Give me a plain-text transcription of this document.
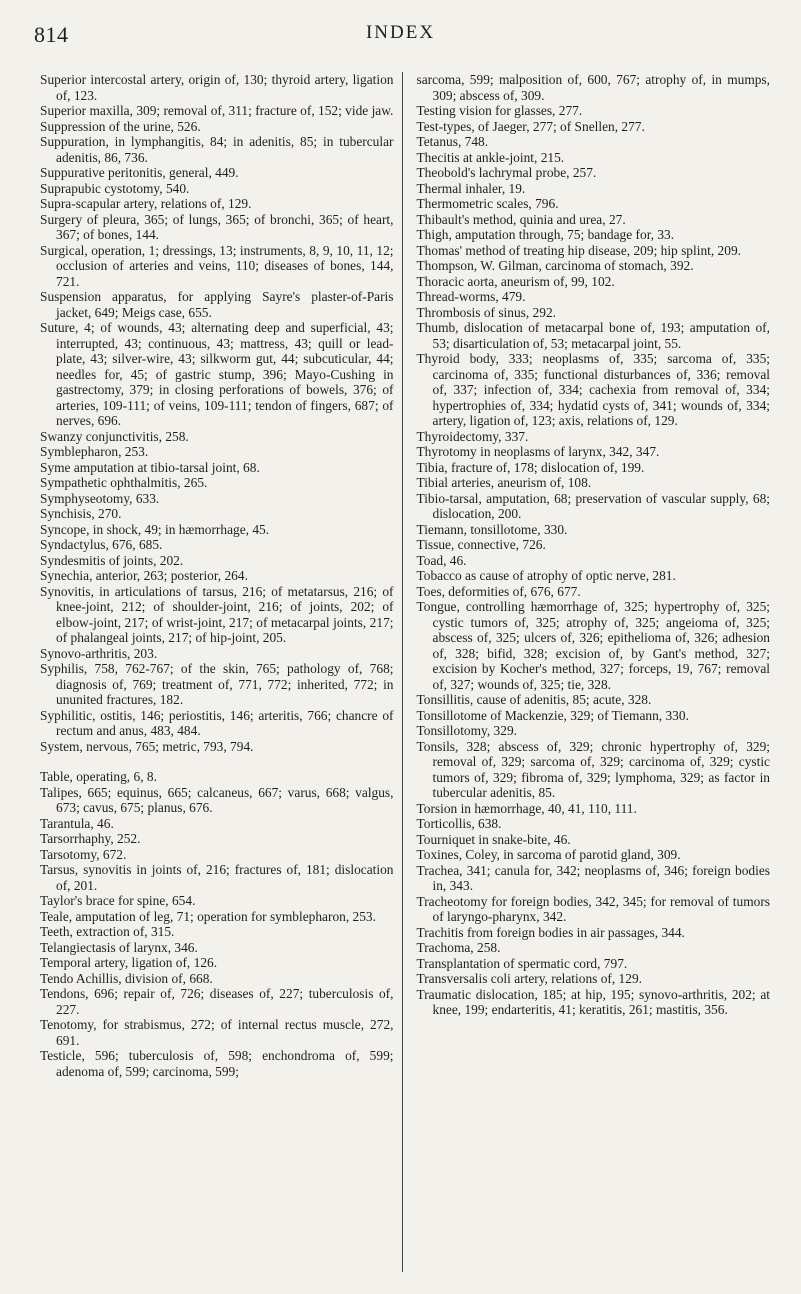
814	INDEX

Superior intercostal artery, origin of, 130; thyroid artery, ligation of, 123.

Superior maxilla, 309; removal of, 311; fracture of, 152; vide jaw.

Suppression of the urine, 526.

Suppuration, in lymphangitis, 84; in adenitis, 85; in tubercular adenitis, 86, 736.

Suppurative peritonitis, general, 449.

Suprapubic cystotomy, 540.

Supra-scapular artery, relations of, 129.

Surgery of pleura, 365; of lungs, 365; of bronchi, 365; of heart, 367; of bones, 144.

Surgical, operation, 1; dressings, 13; instruments, 8, 9, 10, 11, 12; occlusion of arteries and veins, 110; diseases of bones, 144, 721.

Suspension apparatus, for applying Sayre's plaster-of-Paris jacket, 649; Meigs case, 655.

Suture, 4; of wounds, 43; alternating deep and superficial, 43; interrupted, 43; continuous, 43; mattress, 43; quill or lead-plate, 43; silver-wire, 43; silkworm gut, 44; subcuticular, 44; needles for, 45; of gastric stump, 396; Mayo-Cushing in gastrectomy, 379; in closing perforations of bowels, 376; of arteries, 109-111; of veins, 109-111; tendon of fingers, 687; of nerves, 696.

Swanzy conjunctivitis, 258.

Symblepharon, 253.

Syme amputation at tibio-tarsal joint, 68.

Sympathetic ophthalmitis, 265.

Symphyseotomy, 633.

Synchisis, 270.

Syncope, in shock, 49; in hæmorrhage, 45.

Syndactylus, 676, 685.

Syndesmitis of joints, 202.

Synechia, anterior, 263; posterior, 264.

Synovitis, in articulations of tarsus, 216; of metatarsus, 216; of knee-joint, 212; of shoulder-joint, 216; of joints, 202; of elbow-joint, 217; of wrist-joint, 217; of metacarpal joints, 217; of phalangeal joints, 217; of hip-joint, 205.

Synovo-arthritis, 203.

Syphilis, 758, 762-767; of the skin, 765; pathology of, 768; diagnosis of, 769; treatment of, 771, 772; inherited, 772; in ununited fractures, 182.

Syphilitic, ostitis, 146; periostitis, 146; arteritis, 766; chancre of rectum and anus, 483, 484.

System, nervous, 765; metric, 793, 794.

Table, operating, 6, 8.

Talipes, 665; equinus, 665; calcaneus, 667; varus, 668; valgus, 673; cavus, 675; planus, 676.

Tarantula, 46.

Tarsorrhaphy, 252.

Tarsotomy, 672.

Tarsus, synovitis in joints of, 216; fractures of, 181; dislocation of, 201.

Taylor's brace for spine, 654.

Teale, amputation of leg, 71; operation for symblepharon, 253.

Teeth, extraction of, 315.

Telangiectasis of larynx, 346.

Temporal artery, ligation of, 126.

Tendo Achillis, division of, 668.

Tendons, 696; repair of, 726; diseases of, 227; tuberculosis of, 227.

Tenotomy, for strabismus, 272; of internal rectus muscle, 272, 691.

Testicle, 596; tuberculosis of, 598; enchondroma of, 599; adenoma of, 599; carcinoma, 599;

sarcoma, 599; malposition of, 600, 767; atrophy of, in mumps, 309; abscess of, 309.

Testing vision for glasses, 277.

Test-types, of Jaeger, 277; of Snellen, 277.

Tetanus, 748.

Thecitis at ankle-joint, 215.

Theobold's lachrymal probe, 257.

Thermal inhaler, 19.

Thermometric scales, 796.

Thibault's method, quinia and urea, 27.

Thigh, amputation through, 75; bandage for, 33.

Thomas' method of treating hip disease, 209; hip splint, 209.

Thompson, W. Gilman, carcinoma of stomach, 392.

Thoracic aorta, aneurism of, 99, 102.

Thread-worms, 479.

Thrombosis of sinus, 292.

Thumb, dislocation of metacarpal bone of, 193; amputation of, 53; disarticulation of, 53; metacarpal joint, 55.

Thyroid body, 333; neoplasms of, 335; sarcoma of, 335; carcinoma of, 335; functional disturbances of, 336; removal of, 337; infection of, 334; cachexia from removal of, 334; hypertrophies of, 334; hydatid cysts of, 341; wounds of, 334; artery, ligation of, 123; axis, relations of, 129.

Thyroidectomy, 337.

Thyrotomy in neoplasms of larynx, 342, 347.

Tibia, fracture of, 178; dislocation of, 199.

Tibial arteries, aneurism of, 108.

Tibio-tarsal, amputation, 68; preservation of vascular supply, 68; dislocation, 200.

Tiemann, tonsillotome, 330.

Tissue, connective, 726.

Toad, 46.

Tobacco as cause of atrophy of optic nerve, 281.

Toes, deformities of, 676, 677.

Tongue, controlling hæmorrhage of, 325; hypertrophy of, 325; cystic tumors of, 325; atrophy of, 325; angeioma of, 325; abscess of, 325; ulcers of, 326; epithelioma of, 326; adhesion of, 328; bifid, 328; excision of, by Gant's method, 327; excision by Kocher's method, 327; forceps, 19, 767; removal of, 327; wounds of, 325; tie, 328.

Tonsillitis, cause of adenitis, 85; acute, 328.

Tonsillotome of Mackenzie, 329; of Tiemann, 330.

Tonsillotomy, 329.

Tonsils, 328; abscess of, 329; chronic hypertrophy of, 329; removal of, 329; sarcoma of, 329; carcinoma of, 329; cystic tumors of, 329; fibroma of, 329; lymphoma, 329; as factor in tubercular adenitis, 85.

Torsion in hæmorrhage, 40, 41, 110, 111.

Torticollis, 638.

Tourniquet in snake-bite, 46.

Toxines, Coley, in sarcoma of parotid gland, 309.

Trachea, 341; canula for, 342; neoplasms of, 346; foreign bodies in, 343.

Tracheotomy for foreign bodies, 342, 345; for removal of tumors of laryngo-pharynx, 342.

Trachitis from foreign bodies in air passages, 344.

Trachoma, 258.

Transplantation of spermatic cord, 797.

Transversalis coli artery, relations of, 129.

Traumatic dislocation, 185; at hip, 195; synovo-arthritis, 202; at knee, 199; endarteritis, 41; keratitis, 261; mastitis, 356.
